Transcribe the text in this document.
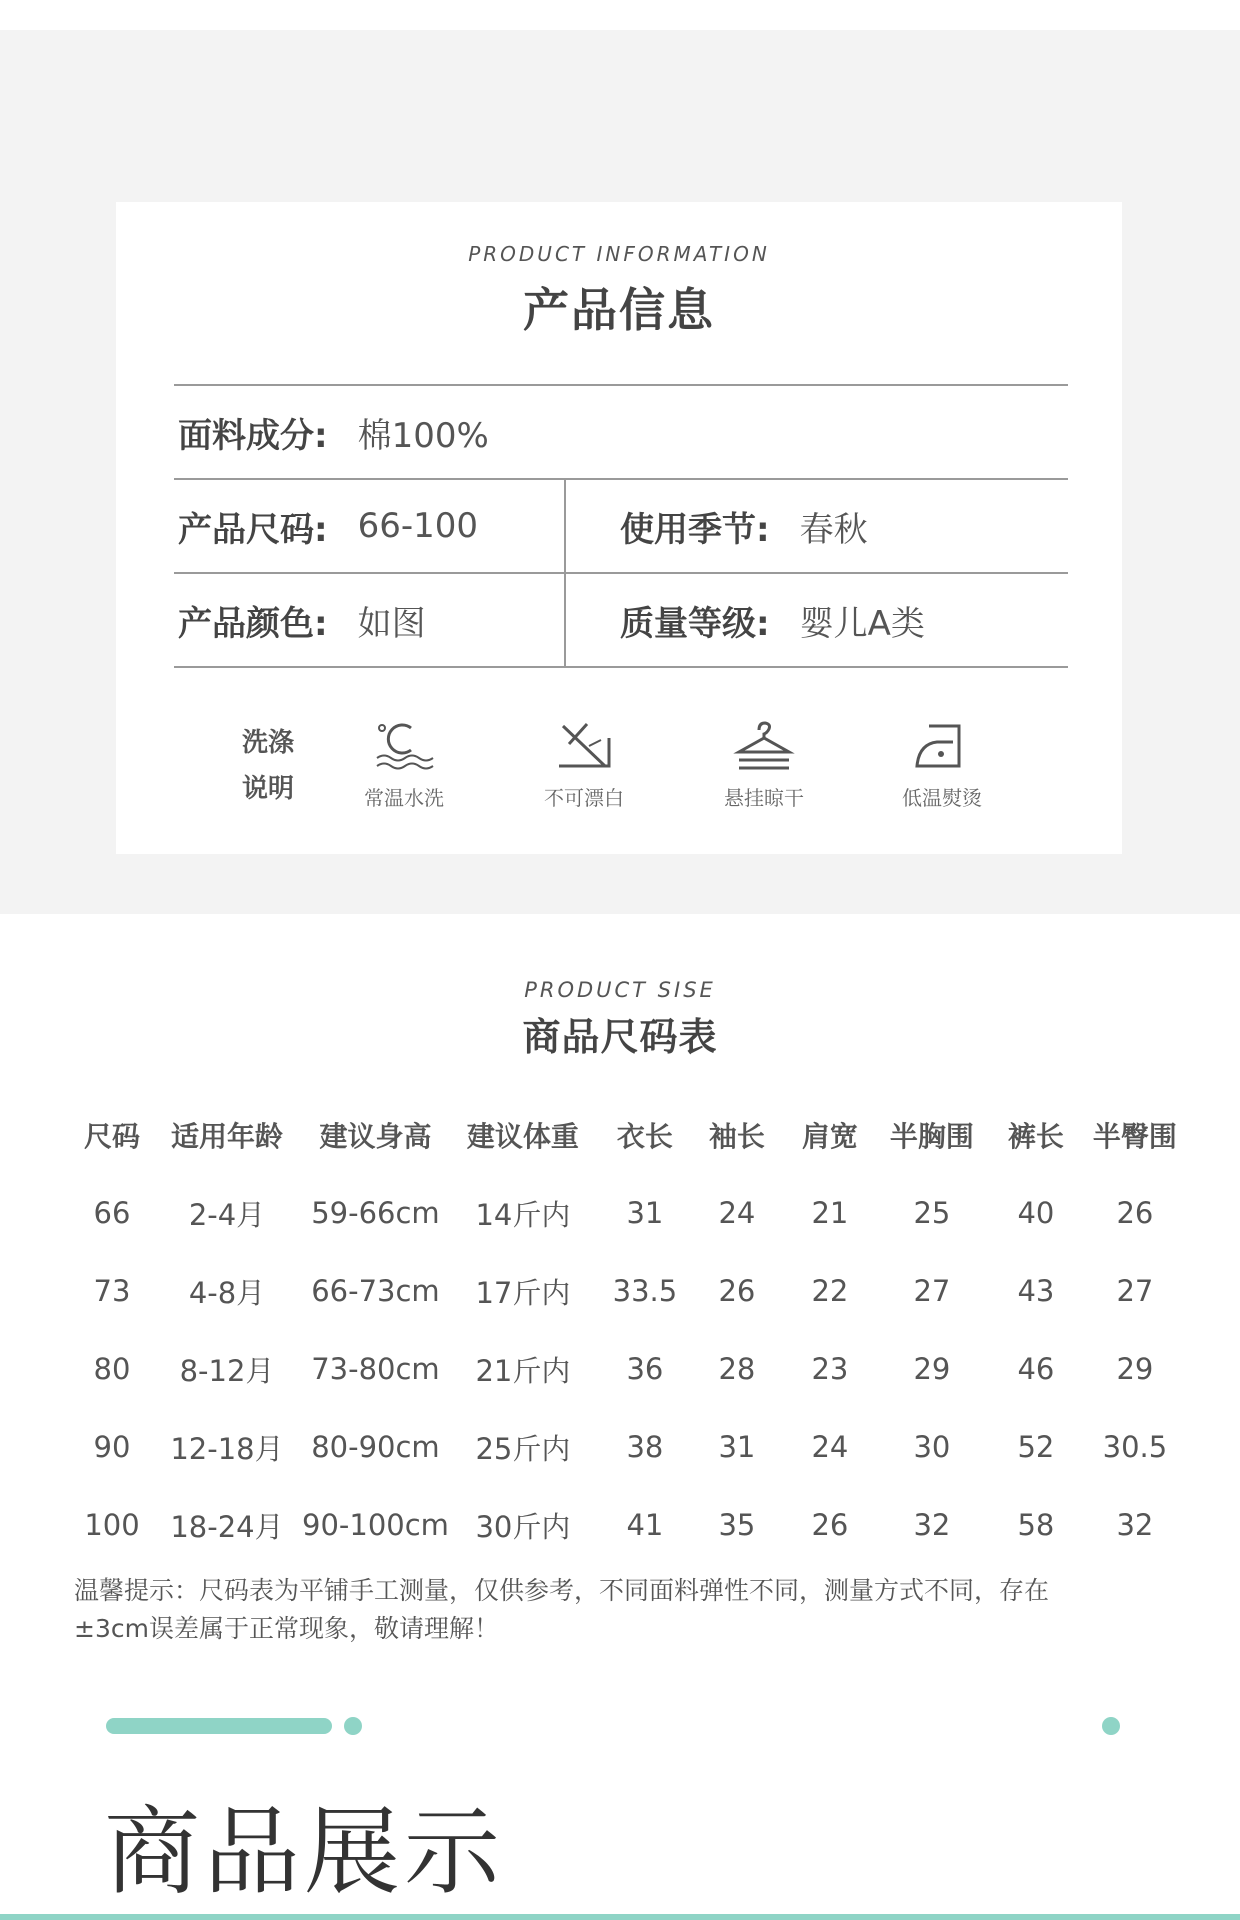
PRODUCT INFORMATION
产品信息
面料成分: 棉100%
产品尺码: 66-100	使用季节: 春秋
产品颜色: 如图	质量等级: 婴儿A类
洗涤
说明	常温水洗	不可漂白	悬挂晾干	低温熨烫
PRODUCT SISE
商品尺码表
尺码	适用年龄	建议身高	建议体重	衣长	袖长	肩宽	半胸围	裤长	半臀围
66	2-4月	59-66cm	14斤内	31	24	21	25	40	26
73	4-8月	66-73cm	17斤内	33.5	26	22	27	43	27
80	8-12月	73-80cm	21斤内	36	28	23	29	46	29
90	12-18月	80-90cm	25斤内	38	31	24	30	52	30.5
100	18-24月	90-100cm	30斤内	41	35	26	32	58	32
温馨提示：尺码表为平铺手工测量，仅供参考，不同面料弹性不同，测量方式不同，存在
±3cm误差属于正常现象，敬请理解！
商品展示
